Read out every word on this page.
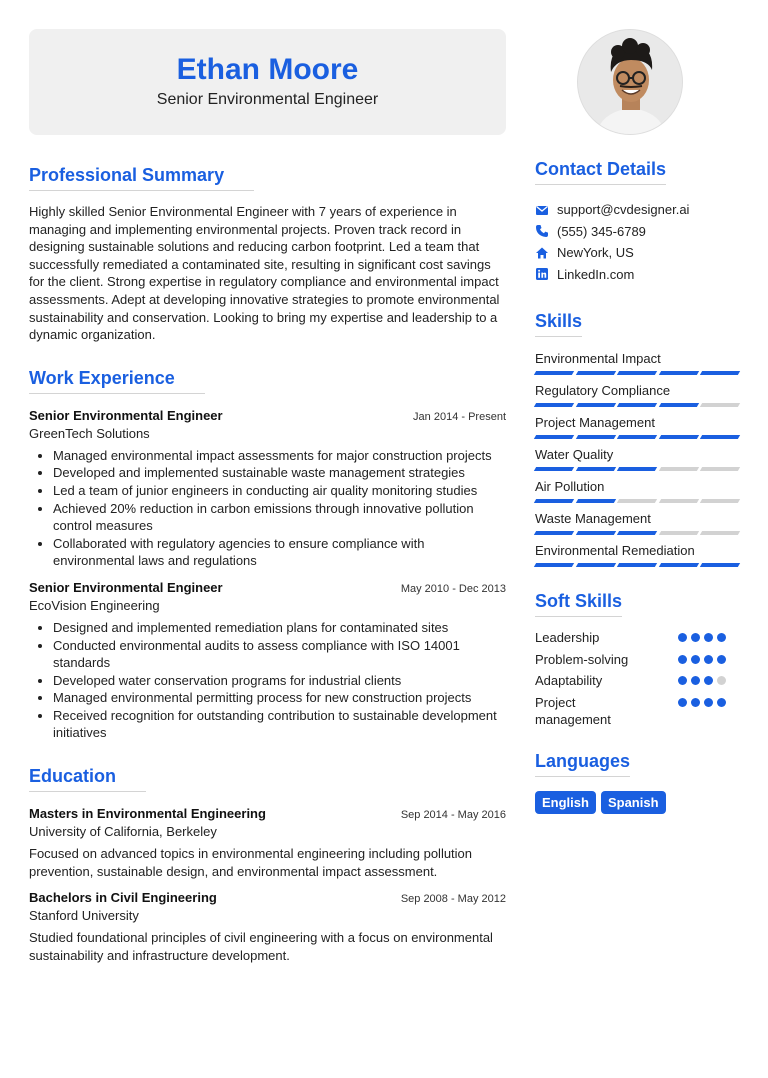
Ethan Moore
Senior Environmental Engineer
Professional Summary

Highly skilled Senior Environmental Engineer with 7 years of experience in managing and implementing environmental projects. Proven track record in designing sustainable solutions and reducing carbon footprint. Led a team that successfully remediated a contaminated site, resulting in significant cost savings for the client. Strong expertise in regulatory compliance and environmental impact assessments. Adept at developing innovative strategies to promote environmental sustainability and conservation. Looking to bring my expertise and leadership to a dynamic organization.

Work Experience
Senior Environmental Engineer	Jan 2014 - Present
GreenTech Solutions
• Managed environmental impact assessments for major construction projects
• Developed and implemented sustainable waste management strategies
• Led a team of junior engineers in conducting air quality monitoring studies
• Achieved 20% reduction in carbon emissions through innovative pollution control measures
• Collaborated with regulatory agencies to ensure compliance with environmental laws and regulations
Senior Environmental Engineer	May 2010 - Dec 2013
EcoVision Engineering
• Designed and implemented remediation plans for contaminated sites
• Conducted environmental audits to assess compliance with ISO 14001 standards
• Developed water conservation programs for industrial clients
• Managed environmental permitting process for new construction projects
• Received recognition for outstanding contribution to sustainable development initiatives
Education
Masters in Environmental Engineering	Sep 2014 - May 2016
University of California, Berkeley

Focused on advanced topics in environmental engineering including pollution prevention, sustainable design, and environmental impact assessment.

Bachelors in Civil Engineering	Sep 2008 - May 2012
Stanford University

Studied foundational principles of civil engineering with a focus on environmental sustainability and infrastructure development.

Contact Details
support@cvdesigner.ai
(555) 345-6789
NewYork, US
LinkedIn.com
Skills
Environmental Impact
Regulatory Compliance
Project Management
Water Quality
Air Pollution
Waste Management
Environmental Remediation
Soft Skills
Leadership
Problem-solving
Adaptability
Project management
Languages
English	Spanish
